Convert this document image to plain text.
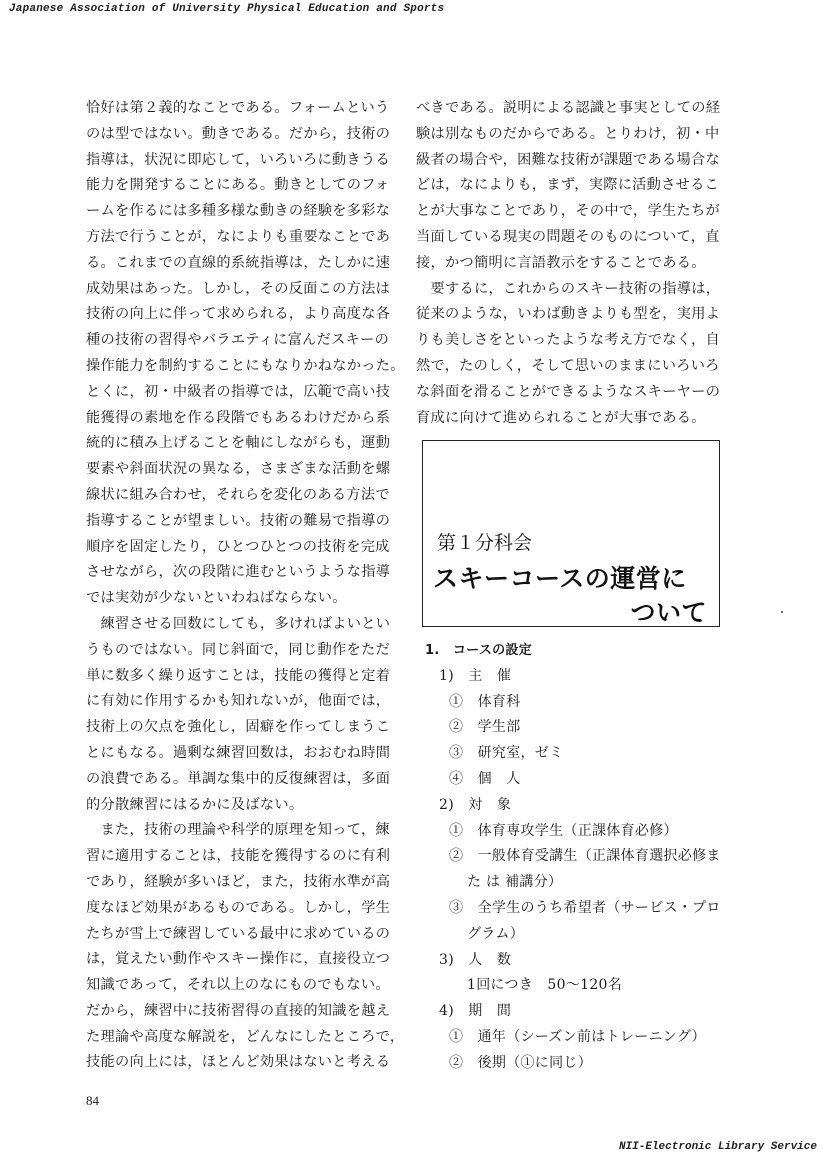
Japanese Association of University Physical Education and Sports
恰好は第２義的なことである。フォームという
のは型ではない。動きである。だから，技術の
指導は，状況に即応して，いろいろに動きうる
能力を開発することにある。動きとしてのフォ
ームを作るには多種多様な動きの経験を多彩な
方法で行うことが，なによりも重要なことであ
る。これまでの直線的系統指導は，たしかに速
成効果はあった。しかし，その反面この方法は
技術の向上に伴って求められる，より高度な各
種の技術の習得やバラエティに富んだスキーの
操作能力を制約することにもなりかねなかった。
とくに，初・中級者の指導では，広範で高い技
能獲得の素地を作る段階でもあるわけだから系
統的に積み上げることを軸にしながらも，運動
要素や斜面状況の異なる，さまざまな活動を螺
線状に組み合わせ，それらを変化のある方法で
指導することが望ましい。技術の難易で指導の
順序を固定したり，ひとつひとつの技術を完成
させながら，次の段階に進むというような指導
では実効が少ないといわねばならない。
　練習させる回数にしても，多ければよいとい
うものではない。同じ斜面で，同じ動作をただ
単に数多く繰り返すことは，技能の獲得と定着
に有効に作用するかも知れないが，他面では，
技術上の欠点を強化し，固癖を作ってしまうこ
とにもなる。過剰な練習回数は，おおむね時間
の浪費である。単調な集中的反復練習は，多面
的分散練習にはるかに及ばない。
　また，技術の理論や科学的原理を知って，練
習に適用することは，技能を獲得するのに有利
であり，経験が多いほど，また，技術水準が高
度なほど効果があるものである。しかし，学生
たちが雪上で練習している最中に求めているの
は，覚えたい動作やスキー操作に，直接役立つ
知識であって，それ以上のなにものでもない。
だから，練習中に技術習得の直接的知識を越え
た理論や高度な解説を，どんなにしたところで，
技能の向上には，ほとんど効果はないと考える
べきである。説明による認識と事実としての経
験は別なものだからである。とりわけ，初・中
級者の場合や，困難な技術が課題である場合な
どは，なによりも，まず，実際に活動させるこ
とが大事なことであり，その中で，学生たちが
当面している現実の問題そのものについて，直
接，かつ簡明に言語教示をすることである。
　要するに，これからのスキー技術の指導は，
従来のような，いわば動きよりも型を，実用よ
りも美しさをといったような考え方でなく，自
然で，たのしく，そして思いのままにいろいろ
な斜面を滑ることができるようなスキーヤーの
育成に向けて進められることが大事である。
第１分科会
スキーコースの運営に
ついて
1.　コースの設定
1)　主　催
①　体育科
②　学生部
③　研究室，ゼミ
④　個　人
2)　対　象
①　体育専攻学生（正課体育必修）
②　一般体育受講生（正課体育選択必修ま
た は 補講分）
③　全学生のうち希望者（サービス・プロ
グラム）
3)　人　数
1回につき　50～120名
4)　期　間
①　通年（シーズン前はトレーニング）
②　後期（①に同じ）
84
NII-Electronic Library Service
